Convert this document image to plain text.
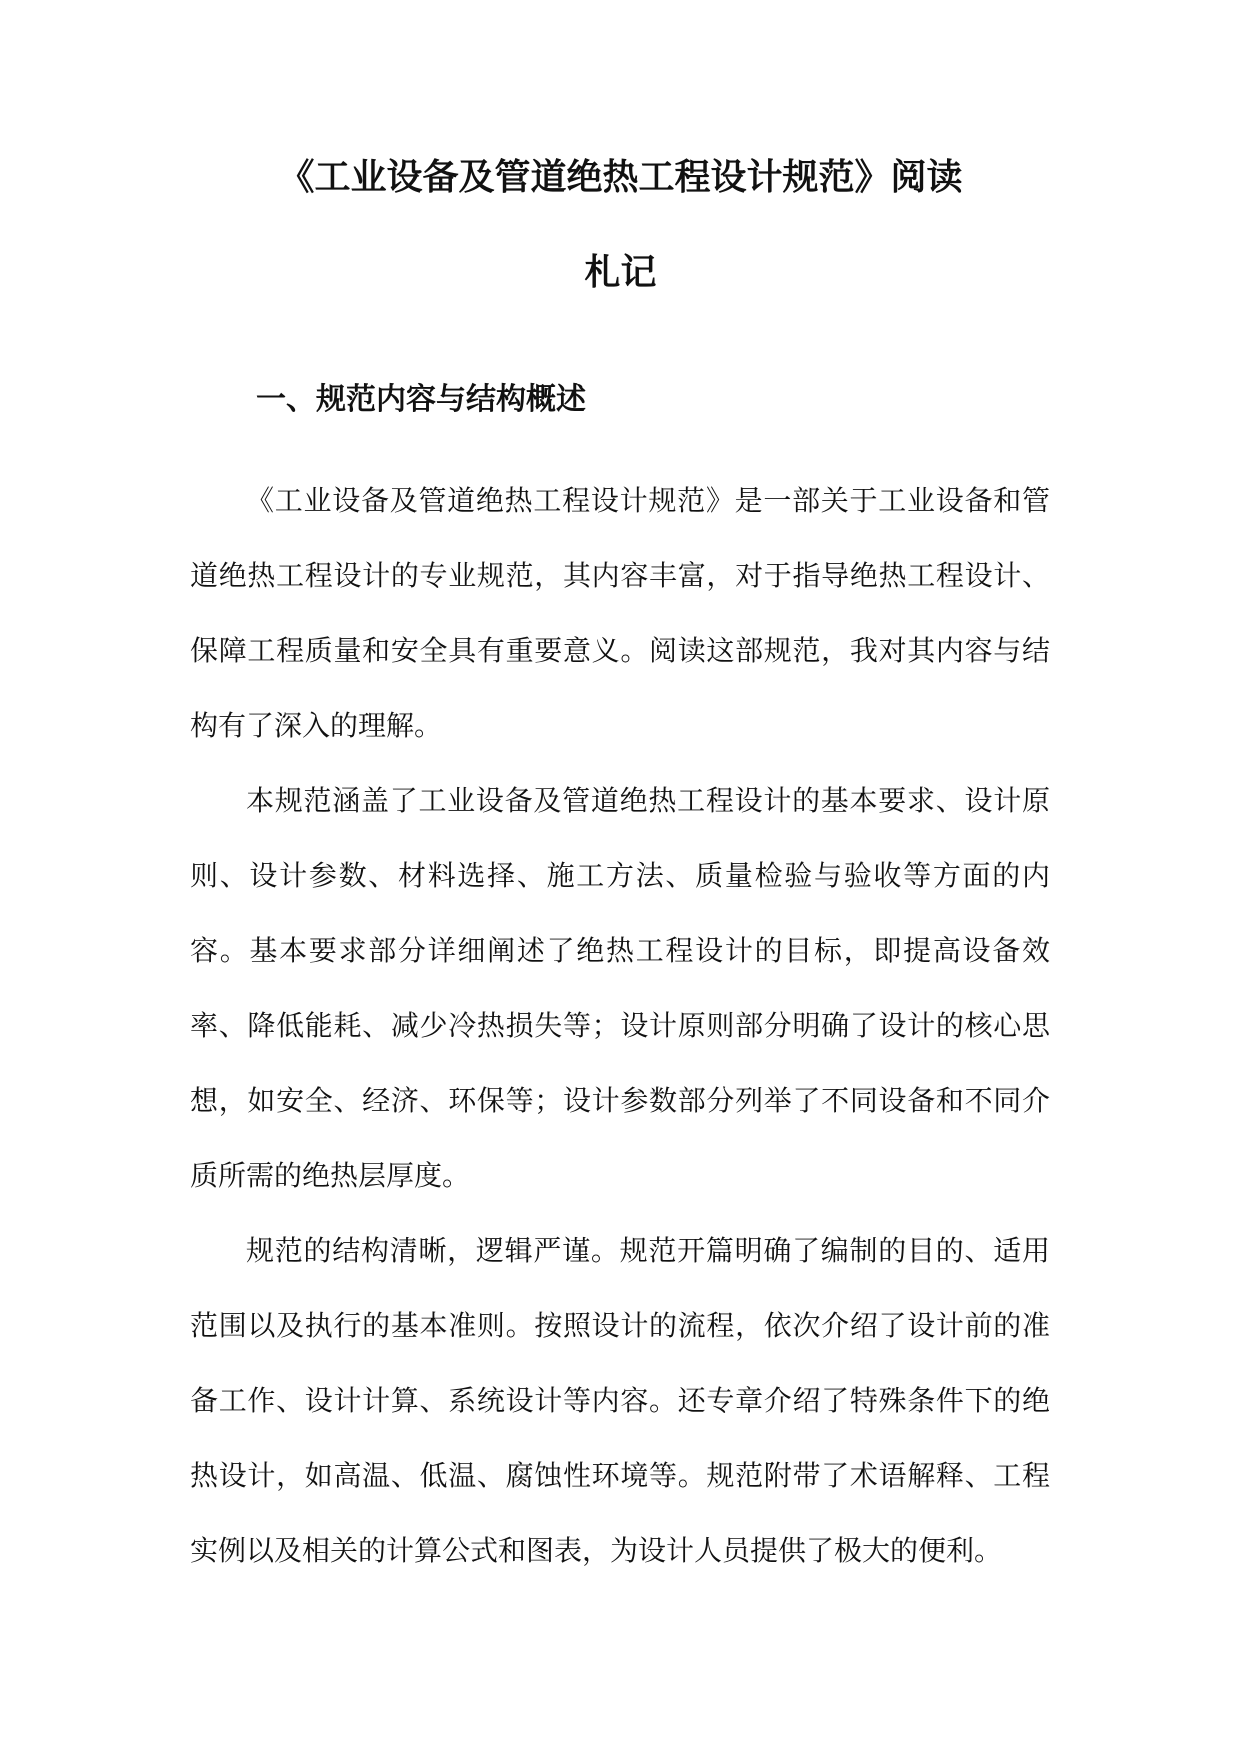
《工业设备及管道绝热工程设计规范》阅读
札记
一、规范内容与结构概述

《工业设备及管道绝热工程设计规范》是一部关于工业设备和管道绝热工程设计的专业规范，其内容丰富，对于指导绝热工程设计、保障工程质量和安全具有重要意义。阅读这部规范，我对其内容与结构有了深入的理解。

本规范涵盖了工业设备及管道绝热工程设计的基本要求、设计原则、设计参数、材料选择、施工方法、质量检验与验收等方面的内容。基本要求部分详细阐述了绝热工程设计的目标，即提高设备效率、降低能耗、减少冷热损失等；设计原则部分明确了设计的核心思想，如安全、经济、环保等；设计参数部分列举了不同设备和不同介质所需的绝热层厚度。

规范的结构清晰，逻辑严谨。规范开篇明确了编制的目的、适用范围以及执行的基本准则。按照设计的流程，依次介绍了设计前的准备工作、设计计算、系统设计等内容。还专章介绍了特殊条件下的绝热设计，如高温、低温、腐蚀性环境等。规范附带了术语解释、工程实例以及相关的计算公式和图表，为设计人员提供了极大的便利。
